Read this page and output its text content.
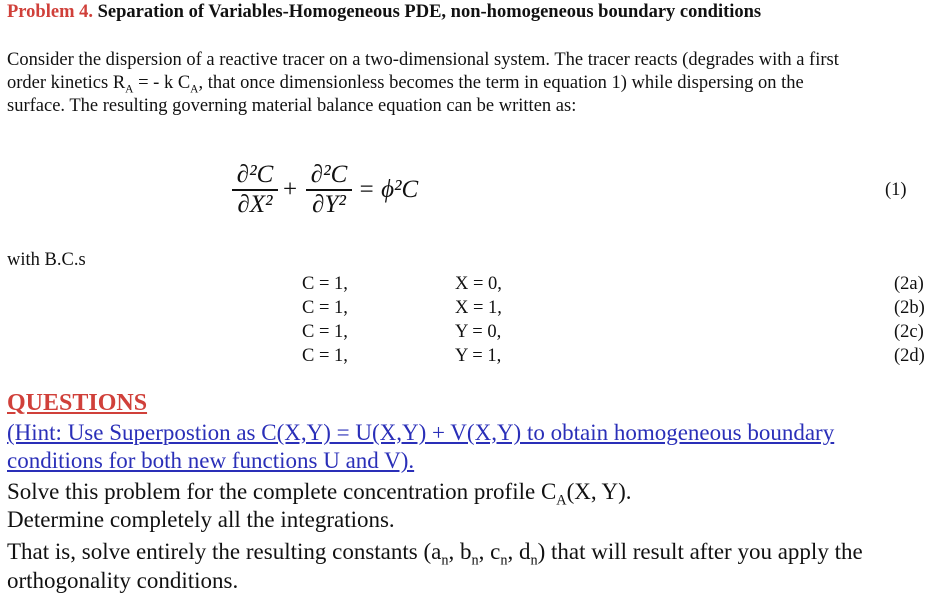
Problem 4. Separation of Variables-Homogeneous PDE, non-homogeneous boundary conditions
Consider the dispersion of a reactive tracer on a two-dimensional system. The tracer reacts (degrades with a first
order kinetics $R_A$ = - k $C_A$, that once dimensionless becomes the term in equation 1) while dispersing on the
surface. The resulting governing material balance equation can be written as:
∂²C
∂X²
+
∂²C
∂Y²
= ϕ²C	(1)
with B.C.s
C = 1,	X = 0,	(2a)
C = 1,	X = 1,	(2b)
C = 1,	Y = 0,	(2c)
C = 1,	Y = 1,	(2d)
QUESTIONS
(Hint: Use Superpostion as C(X,Y) = U(X,Y) + V(X,Y) to obtain homogeneous boundary
conditions for both new functions U and V).
Solve this problem for the complete concentration profile $C_A(X$, Y).
Determine completely all the integrations.
That is, solve entirely the resulting constants ($a_n$, $b_n$, $c_n$, $d_n$) that will result after you apply the
orthogonality conditions.
